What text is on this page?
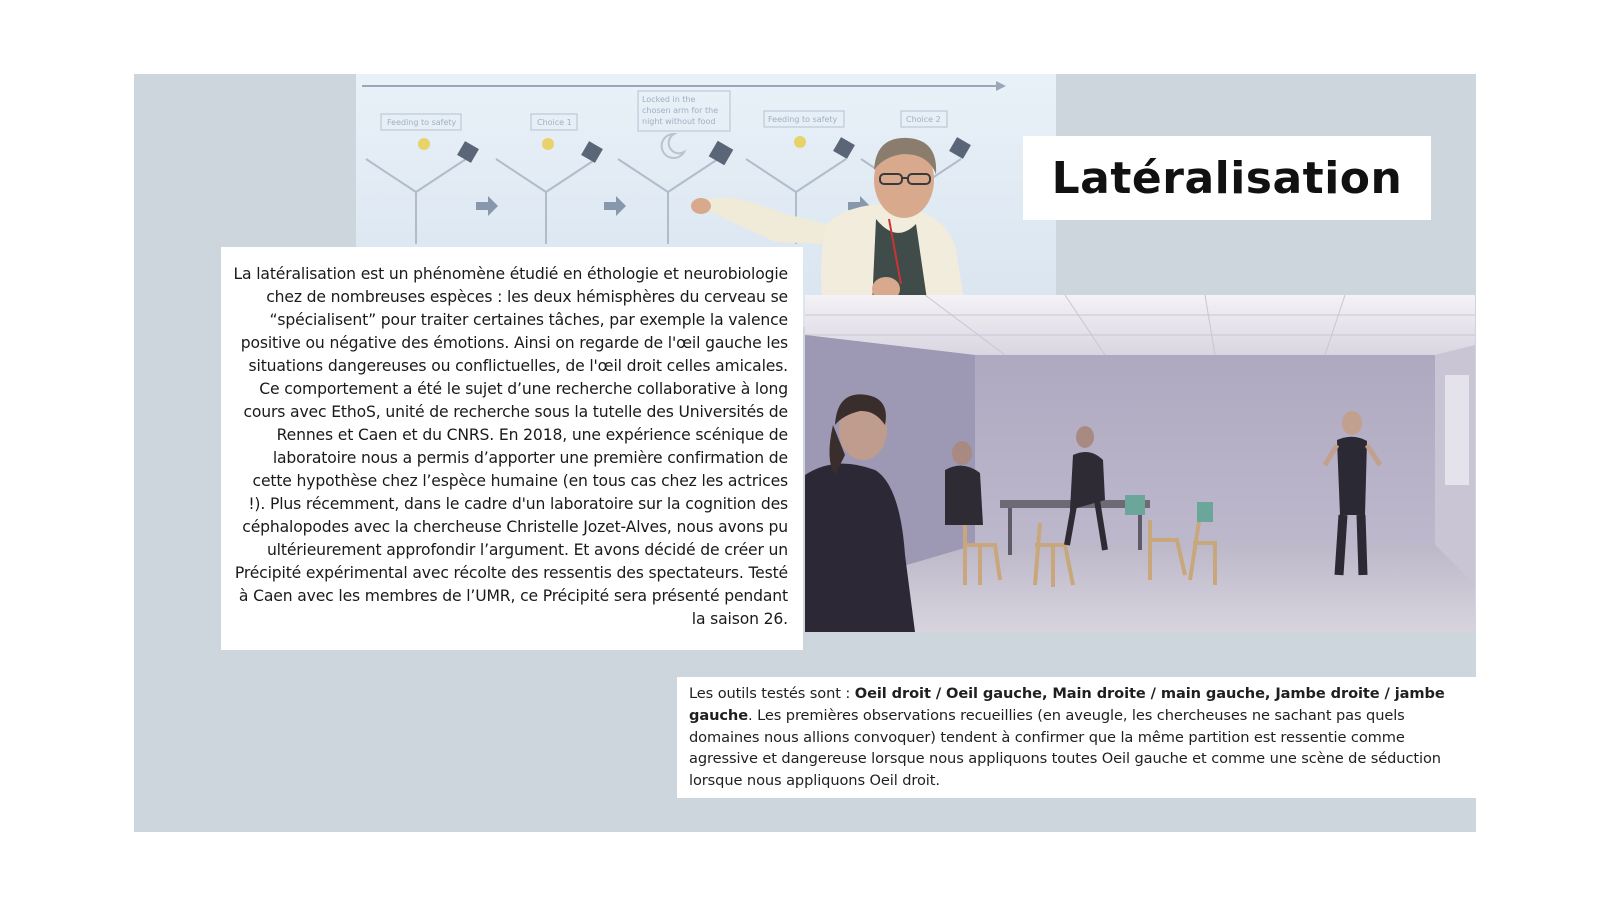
Feeding to safety	Choice 1
Locked in the
chosen arm for the
night without food	Feeding to safety	Choice 2
Latéralisation

La latéralisation est un phénomène étudié en éthologie et neurobiologie chez de nombreuses espèces : les deux hémisphères du cerveau se “spécialisent” pour traiter certaines tâches, par exemple la valence positive ou négative des émotions. Ainsi on regarde de l'œil gauche les situations dangereuses ou conflictuelles, de l'œil droit celles amicales. Ce comportement a été le sujet d’une recherche collaborative à long cours avec EthoS, unité de recherche sous la tutelle des Universités de Rennes et Caen et du CNRS. En 2018, une expérience scénique de laboratoire nous a permis d’apporter une première confirmation de cette hypothèse chez l’espèce humaine (en tous cas chez les actrices !). Plus récemment, dans le cadre d'un laboratoire sur la cognition des céphalopodes avec la chercheuse Christelle Jozet-Alves, nous avons pu ultérieurement approfondir l’argument. Et avons décidé de créer un Précipité expérimental avec récolte des ressentis des spectateurs. Testé à Caen avec les membres de l’UMR, ce Précipité sera présenté pendant la saison 26.

Les outils testés sont : Oeil droit / Oeil gauche, Main droite / main gauche, Jambe droite / jambe gauche. Les premières observations recueillies (en aveugle, les chercheuses ne sachant pas quels domaines nous allions convoquer) tendent à confirmer que la même partition est ressentie comme agressive et dangereuse lorsque nous appliquons toutes Oeil gauche et comme une scène de séduction lorsque nous appliquons Oeil droit.
